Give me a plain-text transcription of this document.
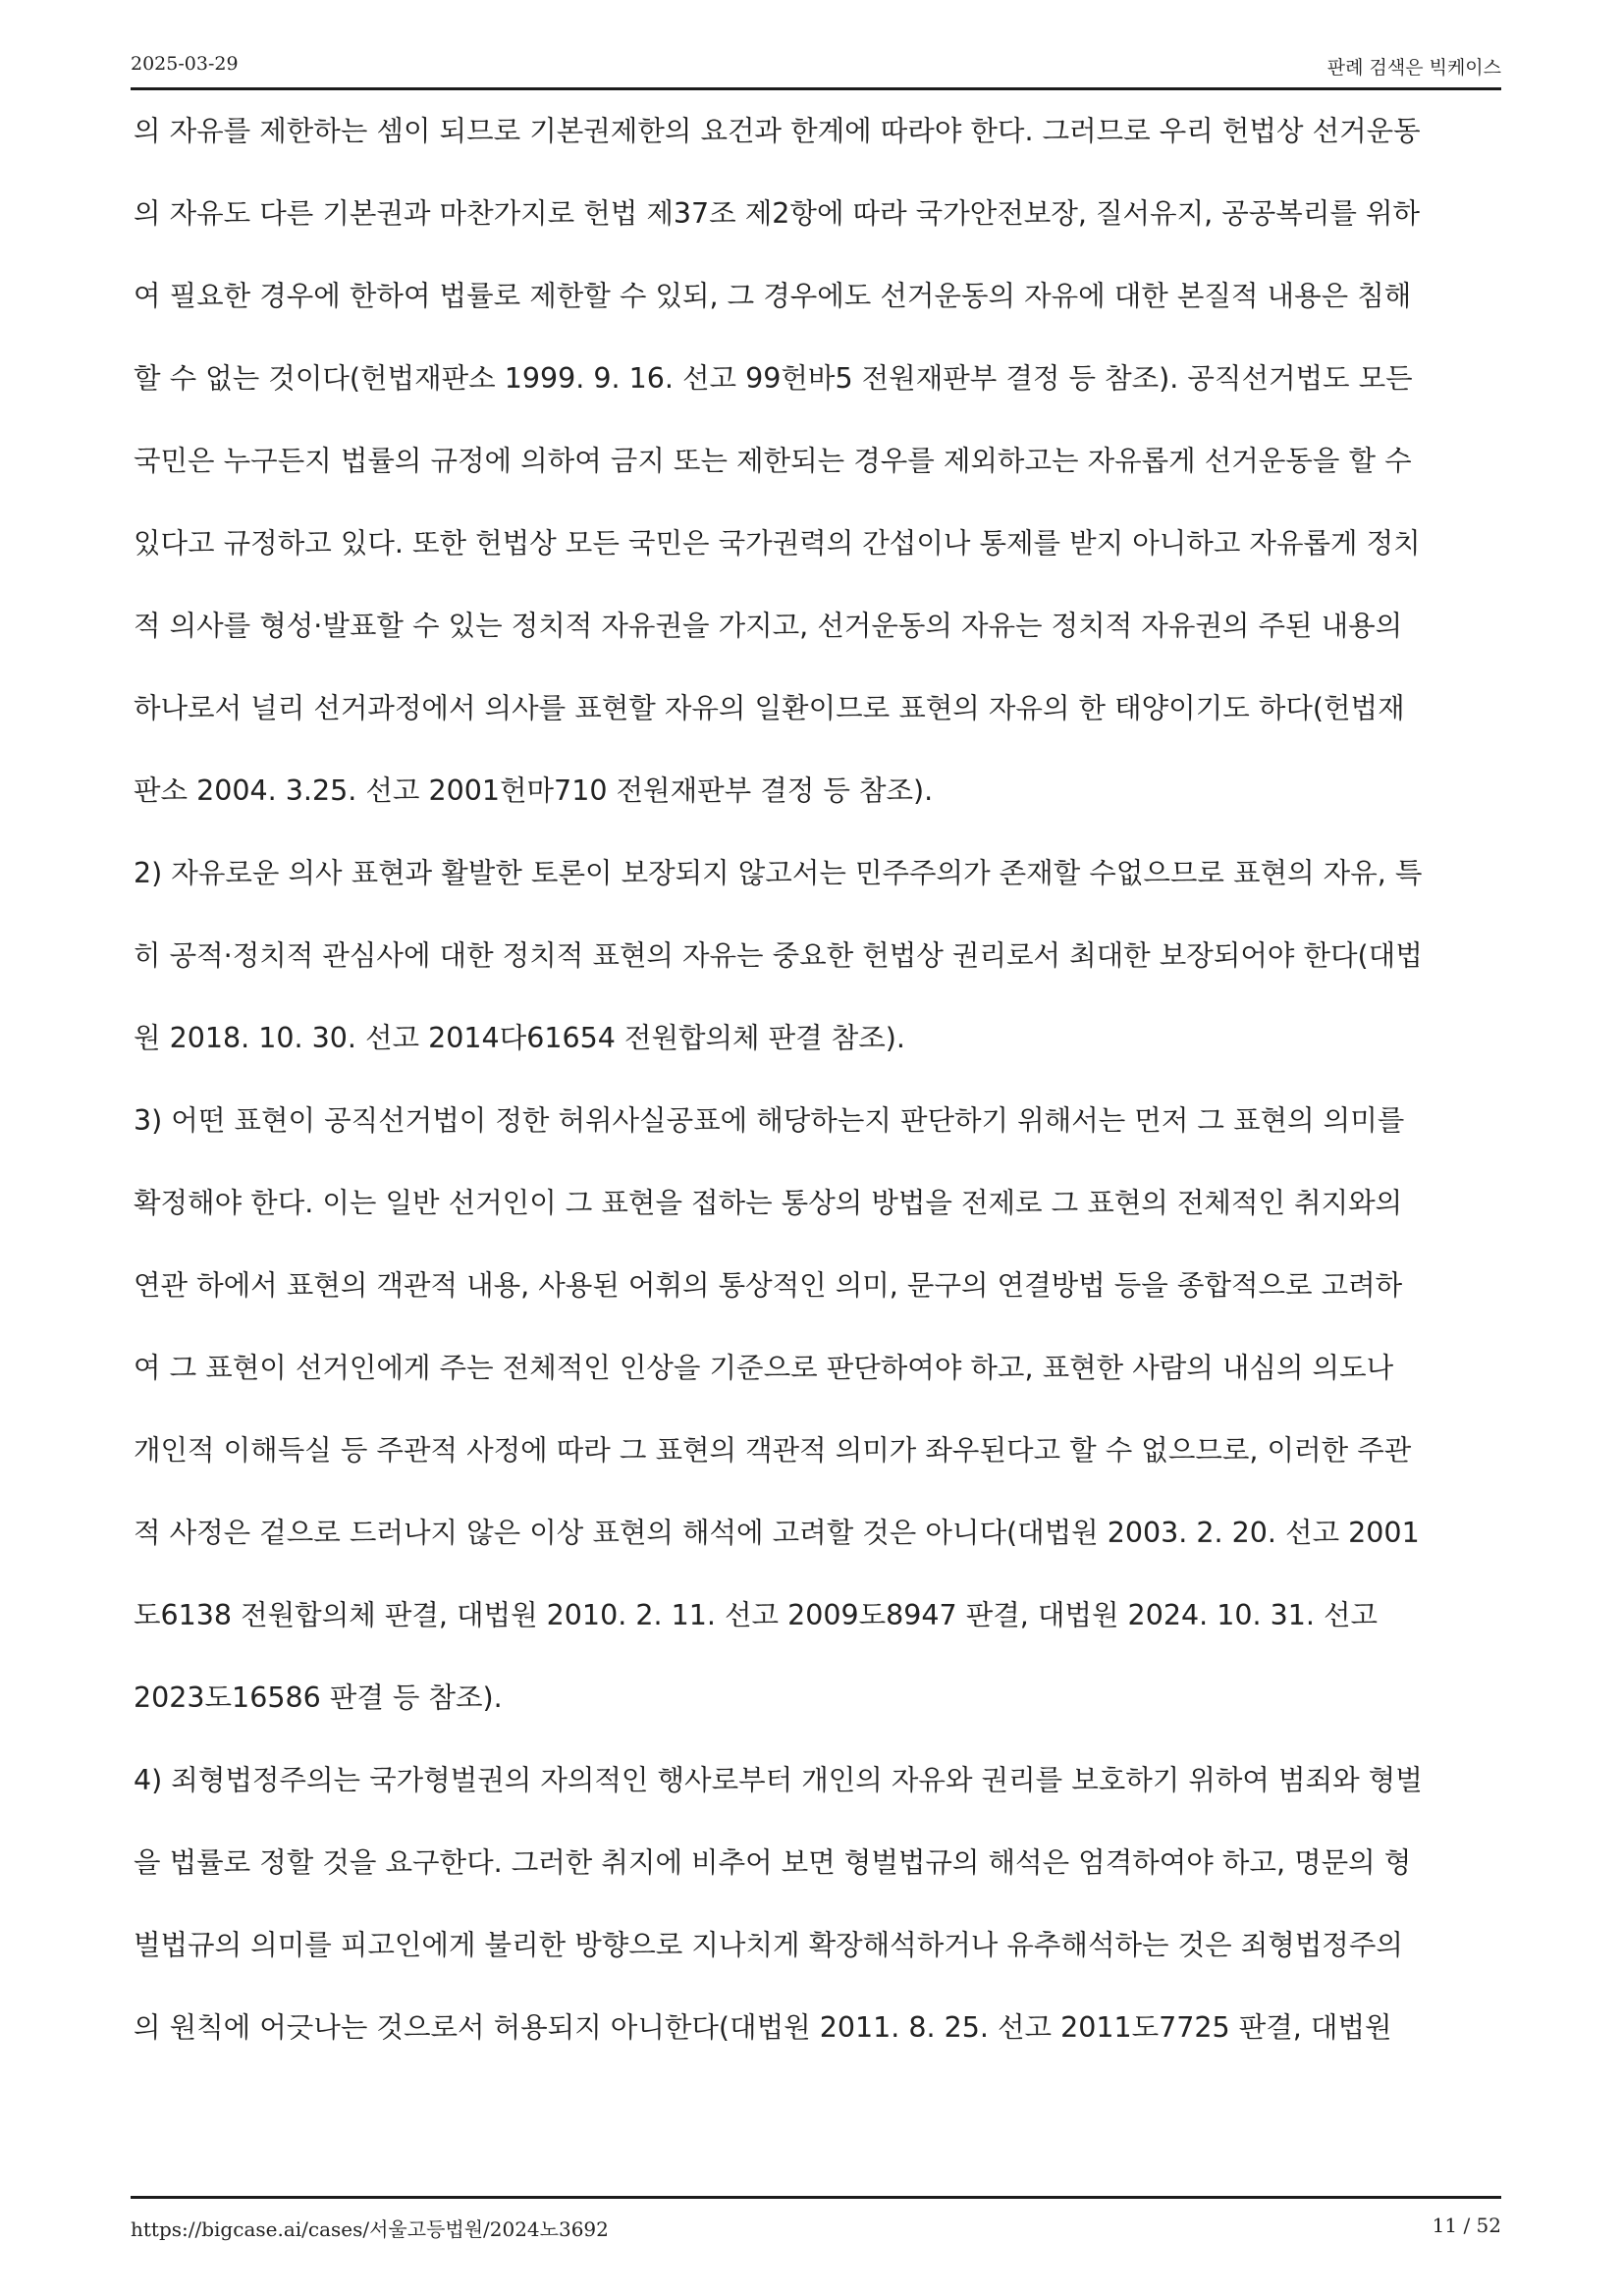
2025-03-29	판례 검색은 빅케이스
의 자유를 제한하는 셈이 되므로 기본권제한의 요건과 한계에 따라야 한다. 그러므로 우리 헌법상 선거운동
의 자유도 다른 기본권과 마찬가지로 헌법 제37조 제2항에 따라 국가안전보장, 질서유지, 공공복리를 위하
여 필요한 경우에 한하여 법률로 제한할 수 있되, 그 경우에도 선거운동의 자유에 대한 본질적 내용은 침해
할 수 없는 것이다(헌법재판소 1999. 9. 16. 선고 99헌바5 전원재판부 결정 등 참조). 공직선거법도 모든
국민은 누구든지 법률의 규정에 의하여 금지 또는 제한되는 경우를 제외하고는 자유롭게 선거운동을 할 수
있다고 규정하고 있다. 또한 헌법상 모든 국민은 국가권력의 간섭이나 통제를 받지 아니하고 자유롭게 정치
적 의사를 형성·발표할 수 있는 정치적 자유권을 가지고, 선거운동의 자유는 정치적 자유권의 주된 내용의
하나로서 널리 선거과정에서 의사를 표현할 자유의 일환이므로 표현의 자유의 한 태양이기도 하다(헌법재
판소 2004. 3.25. 선고 2001헌마710 전원재판부 결정 등 참조).
2) 자유로운 의사 표현과 활발한 토론이 보장되지 않고서는 민주주의가 존재할 수없으므로 표현의 자유, 특
히 공적·정치적 관심사에 대한 정치적 표현의 자유는 중요한 헌법상 권리로서 최대한 보장되어야 한다(대법
원 2018. 10. 30. 선고 2014다61654 전원합의체 판결 참조).
3) 어떤 표현이 공직선거법이 정한 허위사실공표에 해당하는지 판단하기 위해서는 먼저 그 표현의 의미를
확정해야 한다. 이는 일반 선거인이 그 표현을 접하는 통상의 방법을 전제로 그 표현의 전체적인 취지와의
연관 하에서 표현의 객관적 내용, 사용된 어휘의 통상적인 의미, 문구의 연결방법 등을 종합적으로 고려하
여 그 표현이 선거인에게 주는 전체적인 인상을 기준으로 판단하여야 하고, 표현한 사람의 내심의 의도나
개인적 이해득실 등 주관적 사정에 따라 그 표현의 객관적 의미가 좌우된다고 할 수 없으므로, 이러한 주관
적 사정은 겉으로 드러나지 않은 이상 표현의 해석에 고려할 것은 아니다(대법원 2003. 2. 20. 선고 2001
도6138 전원합의체 판결, 대법원 2010. 2. 11. 선고 2009도8947 판결, 대법원 2024. 10. 31. 선고
2023도16586 판결 등 참조).
4) 죄형법정주의는 국가형벌권의 자의적인 행사로부터 개인의 자유와 권리를 보호하기 위하여 범죄와 형벌
을 법률로 정할 것을 요구한다. 그러한 취지에 비추어 보면 형벌법규의 해석은 엄격하여야 하고, 명문의 형
벌법규의 의미를 피고인에게 불리한 방향으로 지나치게 확장해석하거나 유추해석하는 것은 죄형법정주의
의 원칙에 어긋나는 것으로서 허용되지 아니한다(대법원 2011. 8. 25. 선고 2011도7725 판결, 대법원
https://bigcase.ai/cases/서울고등법원/2024노3692	11 / 52
